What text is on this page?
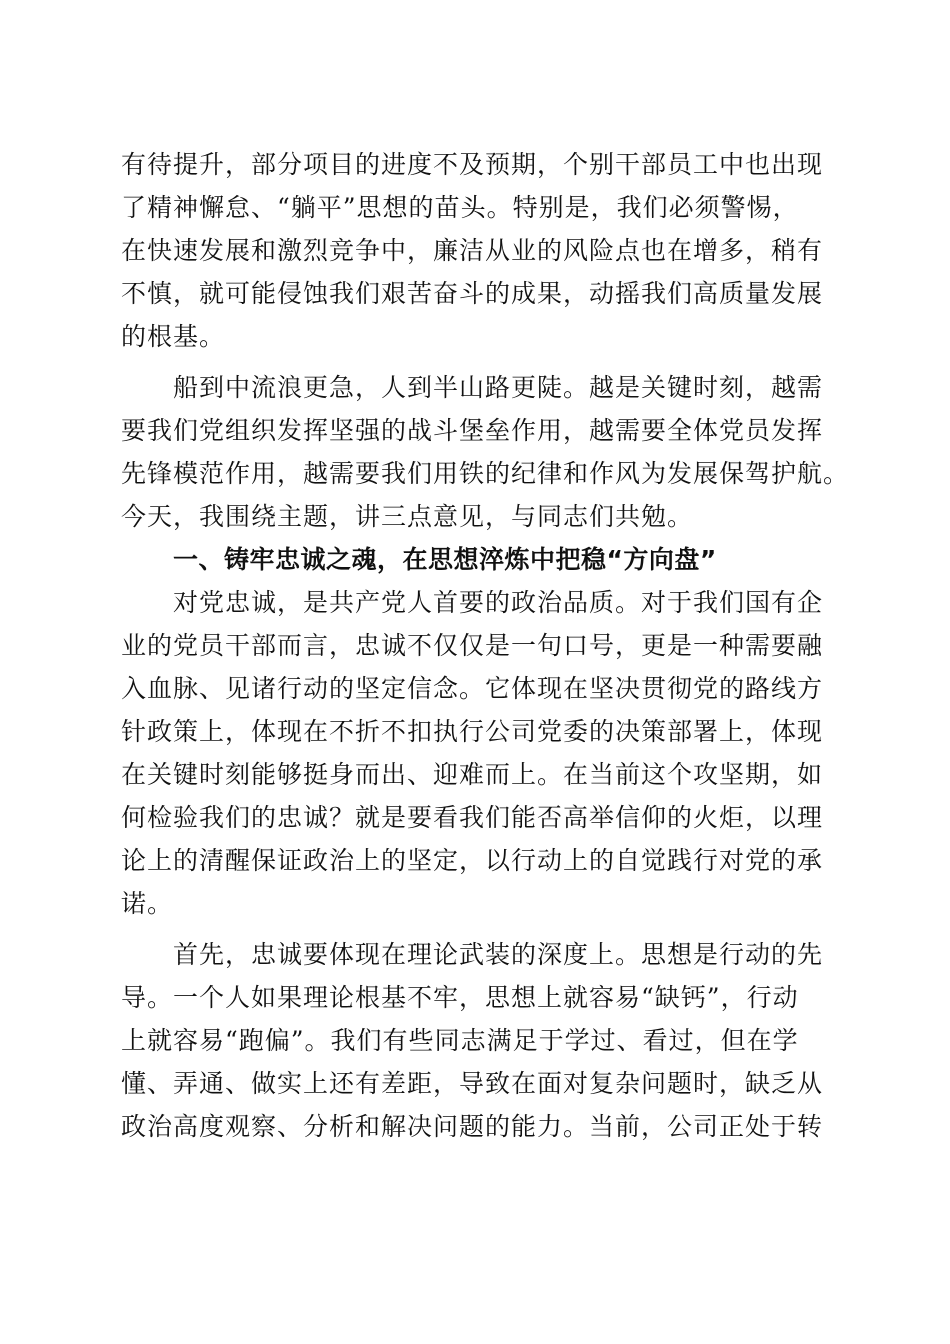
有待提升，部分项目的进度不及预期，个别干部员工中也出现
了精神懈怠、“躺平”思想的苗头。特别是，我们必须警惕，
在快速发展和激烈竞争中，廉洁从业的风险点也在增多，稍有
不慎，就可能侵蚀我们艰苦奋斗的成果，动摇我们高质量发展
的根基。
船到中流浪更急，人到半山路更陡。越是关键时刻，越需
要我们党组织发挥坚强的战斗堡垒作用，越需要全体党员发挥
先锋模范作用，越需要我们用铁的纪律和作风为发展保驾护航。
今天，我围绕主题，讲三点意见，与同志们共勉。
一、铸牢忠诚之魂，在思想淬炼中把稳“方向盘”
对党忠诚，是共产党人首要的政治品质。对于我们国有企
业的党员干部而言，忠诚不仅仅是一句口号，更是一种需要融
入血脉、见诸行动的坚定信念。它体现在坚决贯彻党的路线方
针政策上，体现在不折不扣执行公司党委的决策部署上，体现
在关键时刻能够挺身而出、迎难而上。在当前这个攻坚期，如
何检验我们的忠诚？就是要看我们能否高举信仰的火炬，以理
论上的清醒保证政治上的坚定，以行动上的自觉践行对党的承
诺。
首先，忠诚要体现在理论武装的深度上。思想是行动的先
导。一个人如果理论根基不牢，思想上就容易“缺钙”，行动
上就容易“跑偏”。我们有些同志满足于学过、看过，但在学
懂、弄通、做实上还有差距，导致在面对复杂问题时，缺乏从
政治高度观察、分析和解决问题的能力。当前，公司正处于转
